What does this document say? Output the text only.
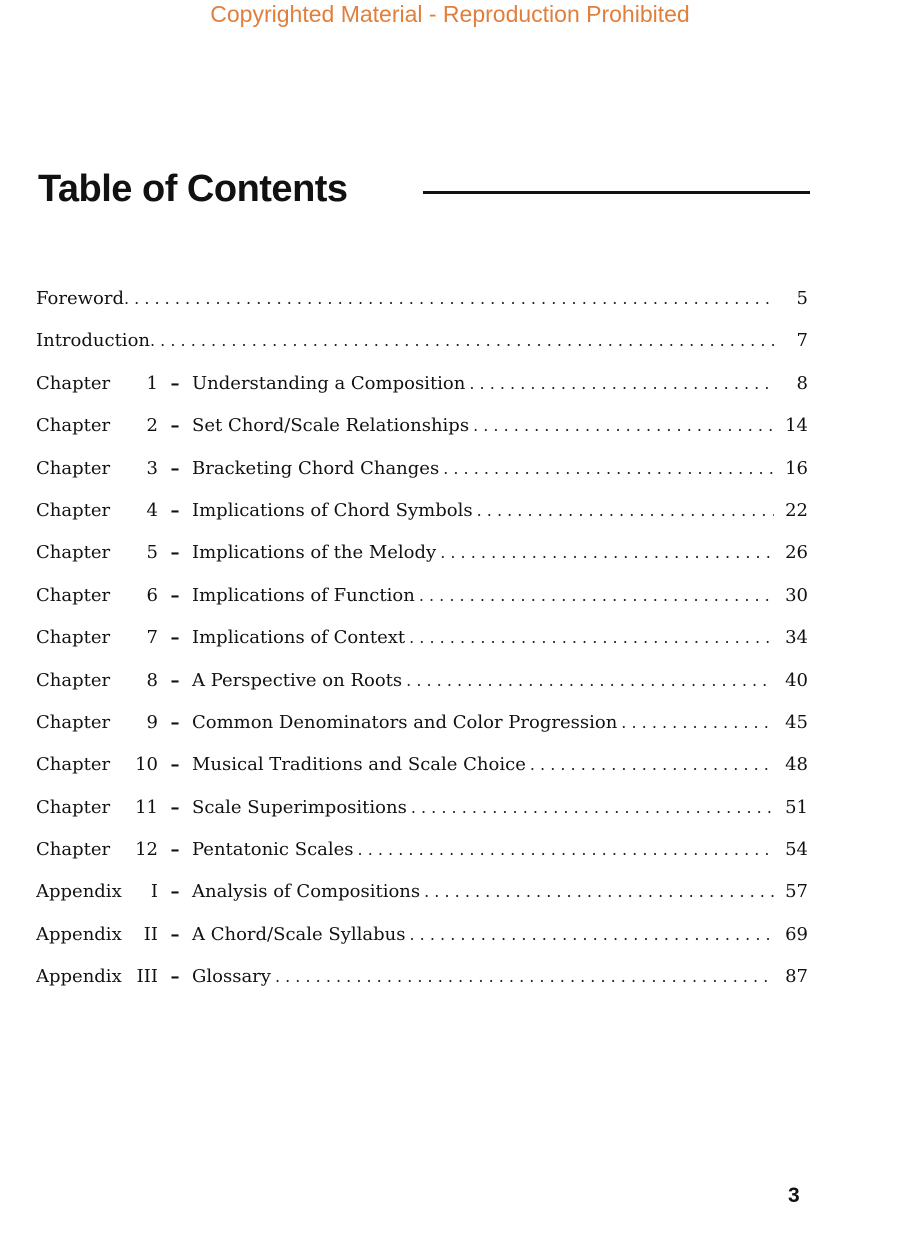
Copyrighted Material - Reproduction Prohibited
Table of Contents
Foreword . . .	5
Introduction . . .	7
Chapter	1 – Understanding a Composition . . .	8
Chapter	2 – Set Chord/Scale Relationships . . .	14
Chapter	3 – Bracketing Chord Changes . . .	16
Chapter	4 – Implications of Chord Symbols . . .	22
Chapter	5 – Implications of the Melody . . .	26
Chapter	6 – Implications of Function . . .	30
Chapter	7 – Implications of Context . . .	34
Chapter	8 – A Perspective on Roots . . .	40
Chapter	9 – Common Denominators and Color Progression . . .	45
Chapter	10 – Musical Traditions and Scale Choice . . .	48
Chapter	11 – Scale Superimpositions . . .	51
Chapter	12 – Pentatonic Scales . . .	54
Appendix	I – Analysis of Compositions . . .	57
Appendix	II – A Chord/Scale Syllabus . . .	69
Appendix III – Glossary . . .	87
3
